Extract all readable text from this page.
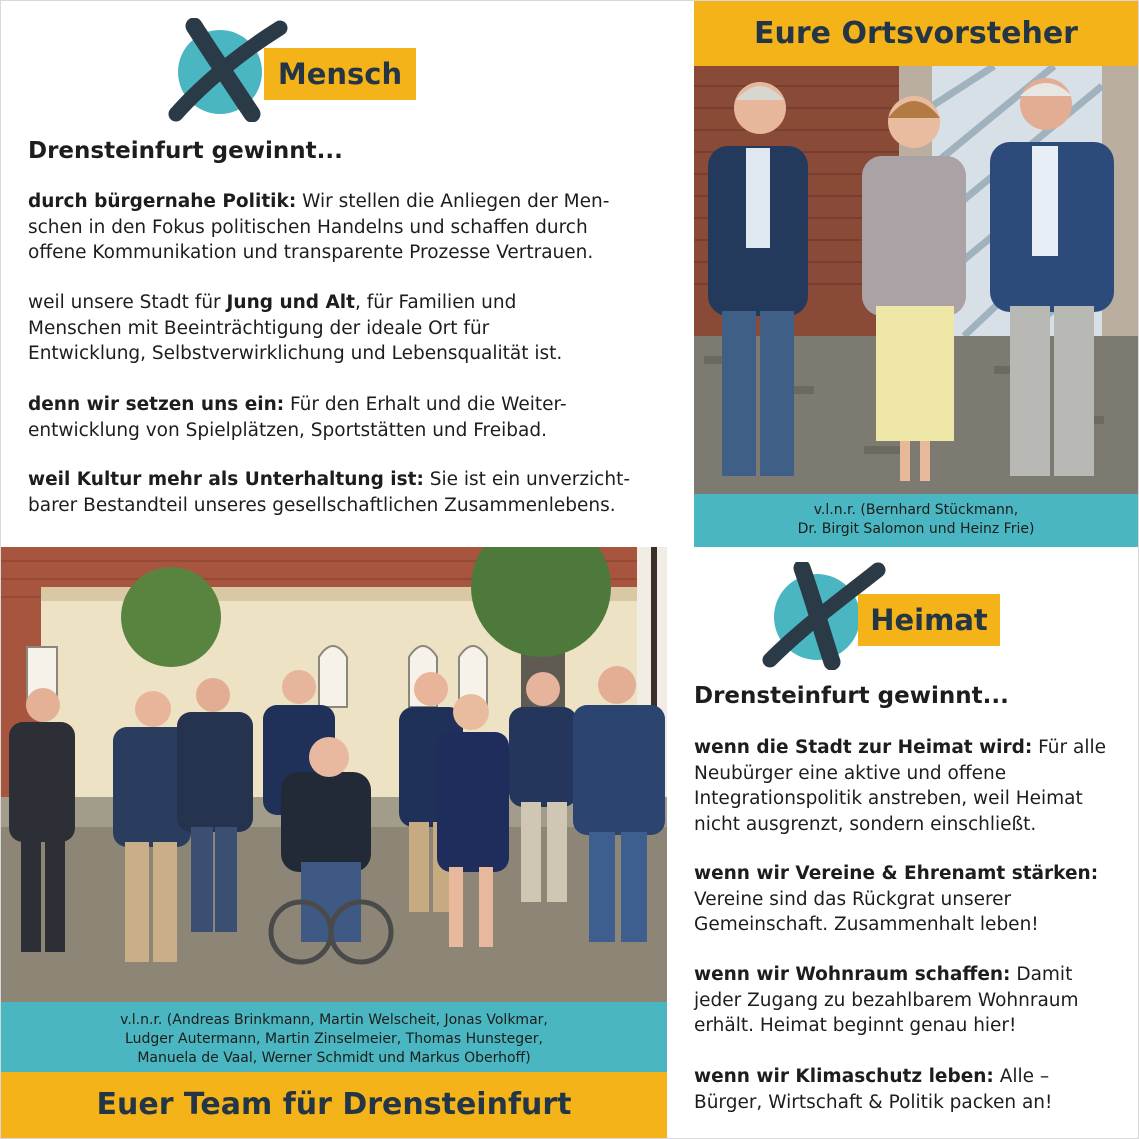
Mensch
Drensteinfurt gewinnt...
durch bürgernahe Politik: Wir stellen die Anliegen der Men-
schen in den Fokus politischen Handelns und schaffen durch
offene Kommunikation und transparente Prozesse Vertrauen.
weil unsere Stadt für Jung und Alt, für Familien und
Menschen mit Beeinträchtigung der ideale Ort für
Entwicklung, Selbstverwirklichung und Lebensqualität ist.
denn wir setzen uns ein: Für den Erhalt und die Weiter-
entwicklung von Spielplätzen, Sportstätten und Freibad.
weil Kultur mehr als Unterhaltung ist: Sie ist ein unverzicht-
barer Bestandteil unseres gesellschaftlichen Zusammenlebens.
Eure Ortsvorsteher
v.l.n.r. (Bernhard Stückmann,
Dr. Birgit Salomon und Heinz Frie)
v.l.n.r. (Andreas Brinkmann, Martin Welscheit, Jonas Volkmar,
Ludger Autermann, Martin Zinselmeier, Thomas Hunsteger,
Manuela de Vaal, Werner Schmidt und Markus Oberhoff)
Euer Team für Drensteinfurt
Heimat
Drensteinfurt gewinnt...
wenn die Stadt zur Heimat wird: Für alle
Neubürger eine aktive und offene
Integrationspolitik anstreben, weil Heimat
nicht ausgrenzt, sondern einschließt.
wenn wir Vereine & Ehrenamt stärken:
Vereine sind das Rückgrat unserer
Gemeinschaft. Zusammenhalt leben!
wenn wir Wohnraum schaffen: Damit
jeder Zugang zu bezahlbarem Wohnraum
erhält. Heimat beginnt genau hier!
wenn wir Klimaschutz leben: Alle –
Bürger, Wirtschaft & Politik packen an!
